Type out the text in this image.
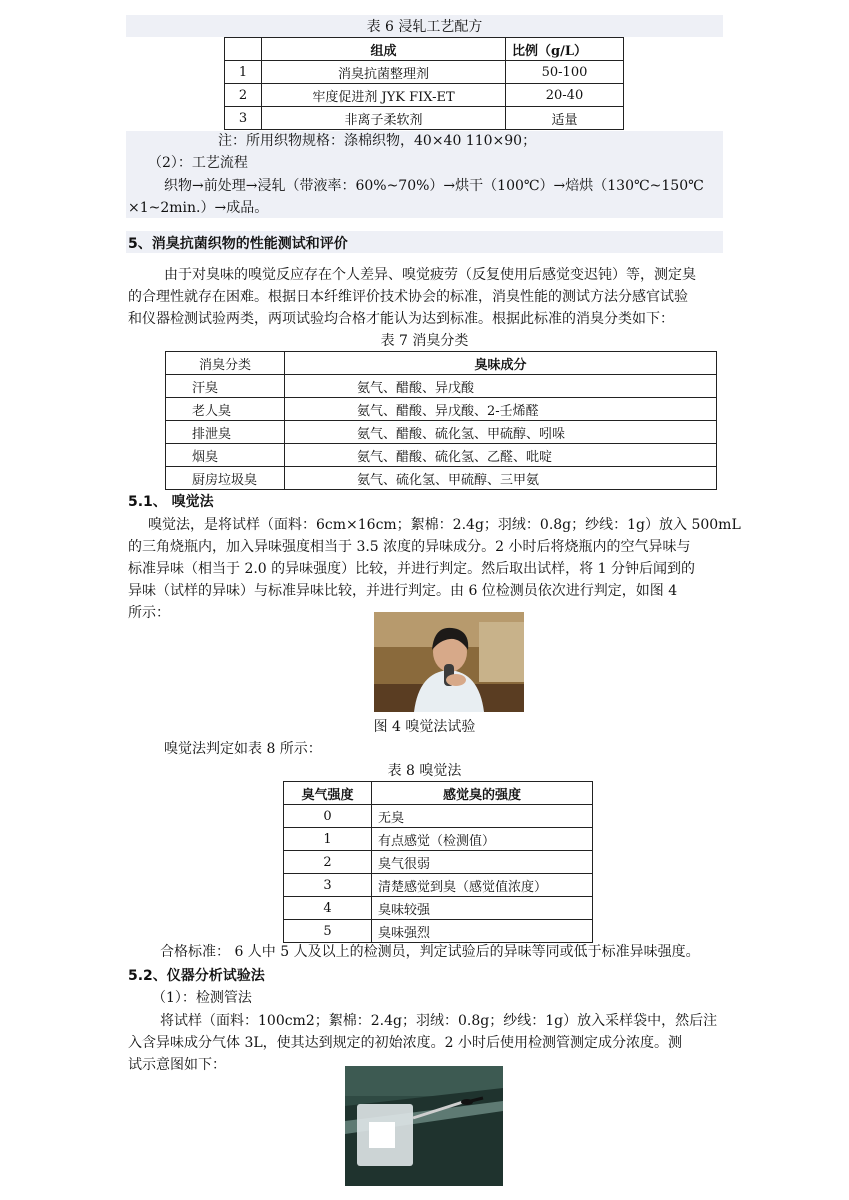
表 6 浸轧工艺配方
	组成	比例（g/L）
1	消臭抗菌整理剂	50-100
2	牢度促进剂 JYK FIX-ET	20-40
3	非离子柔软剂	适量
注：所用织物规格：涤棉织物，40×40 110×90；
（2）：工艺流程
织物→前处理→浸轧（带液率：60%~70%）→烘干（100℃）→焙烘（130℃~150℃
×1~2min.）→成品。
5、消臭抗菌织物的性能测试和评价
由于对臭味的嗅觉反应存在个人差异、嗅觉疲劳（反复使用后感觉变迟钝）等，测定臭
的合理性就存在困难。根据日本纤维评价技术协会的标准，消臭性能的测试方法分感官试验
和仪器检测试验两类，两项试验均合格才能认为达到标准。根据此标准的消臭分类如下：
表 7 消臭分类
消臭分类	臭味成分
汗臭	氨气、醋酸、异戊酸
老人臭	氨气、醋酸、异戊酸、2-壬烯醛
排泄臭	氨气、醋酸、硫化氢、甲硫醇、吲哚
烟臭	氨气、醋酸、硫化氢、乙醛、吡啶
厨房垃圾臭	氨气、硫化氢、甲硫醇、三甲氨
5.1、 嗅觉法
嗅觉法，是将试样（面料：6cm×16cm；絮棉：2.4g；羽绒：0.8g；纱线：1g）放入 500mL
的三角烧瓶内，加入异味强度相当于 3.5 浓度的异味成分。2 小时后将烧瓶内的空气异味与
标准异味（相当于 2.0 的异味强度）比较，并进行判定。然后取出试样，将 1 分钟后闻到的
异味（试样的异味）与标准异味比较，并进行判定。由 6 位检测员依次进行判定，如图 4
所示：
图 4 嗅觉法试验
嗅觉法判定如表 8 所示：
表 8 嗅觉法
臭气强度	感觉臭的强度
0	无臭
1	有点感觉（检测值）
2	臭气很弱
3	清楚感觉到臭（感觉值浓度）
4	臭味较强
5	臭味强烈
合格标准： 6 人中 5 人及以上的检测员，判定试验后的异味等同或低于标准异味强度。
5.2、仪器分析试验法
（1）：检测管法
将试样（面料：100cm2；絮棉：2.4g；羽绒：0.8g；纱线：1g）放入采样袋中，然后注
入含异味成分气体 3L，使其达到规定的初始浓度。2 小时后使用检测管测定成分浓度。测
试示意图如下：
